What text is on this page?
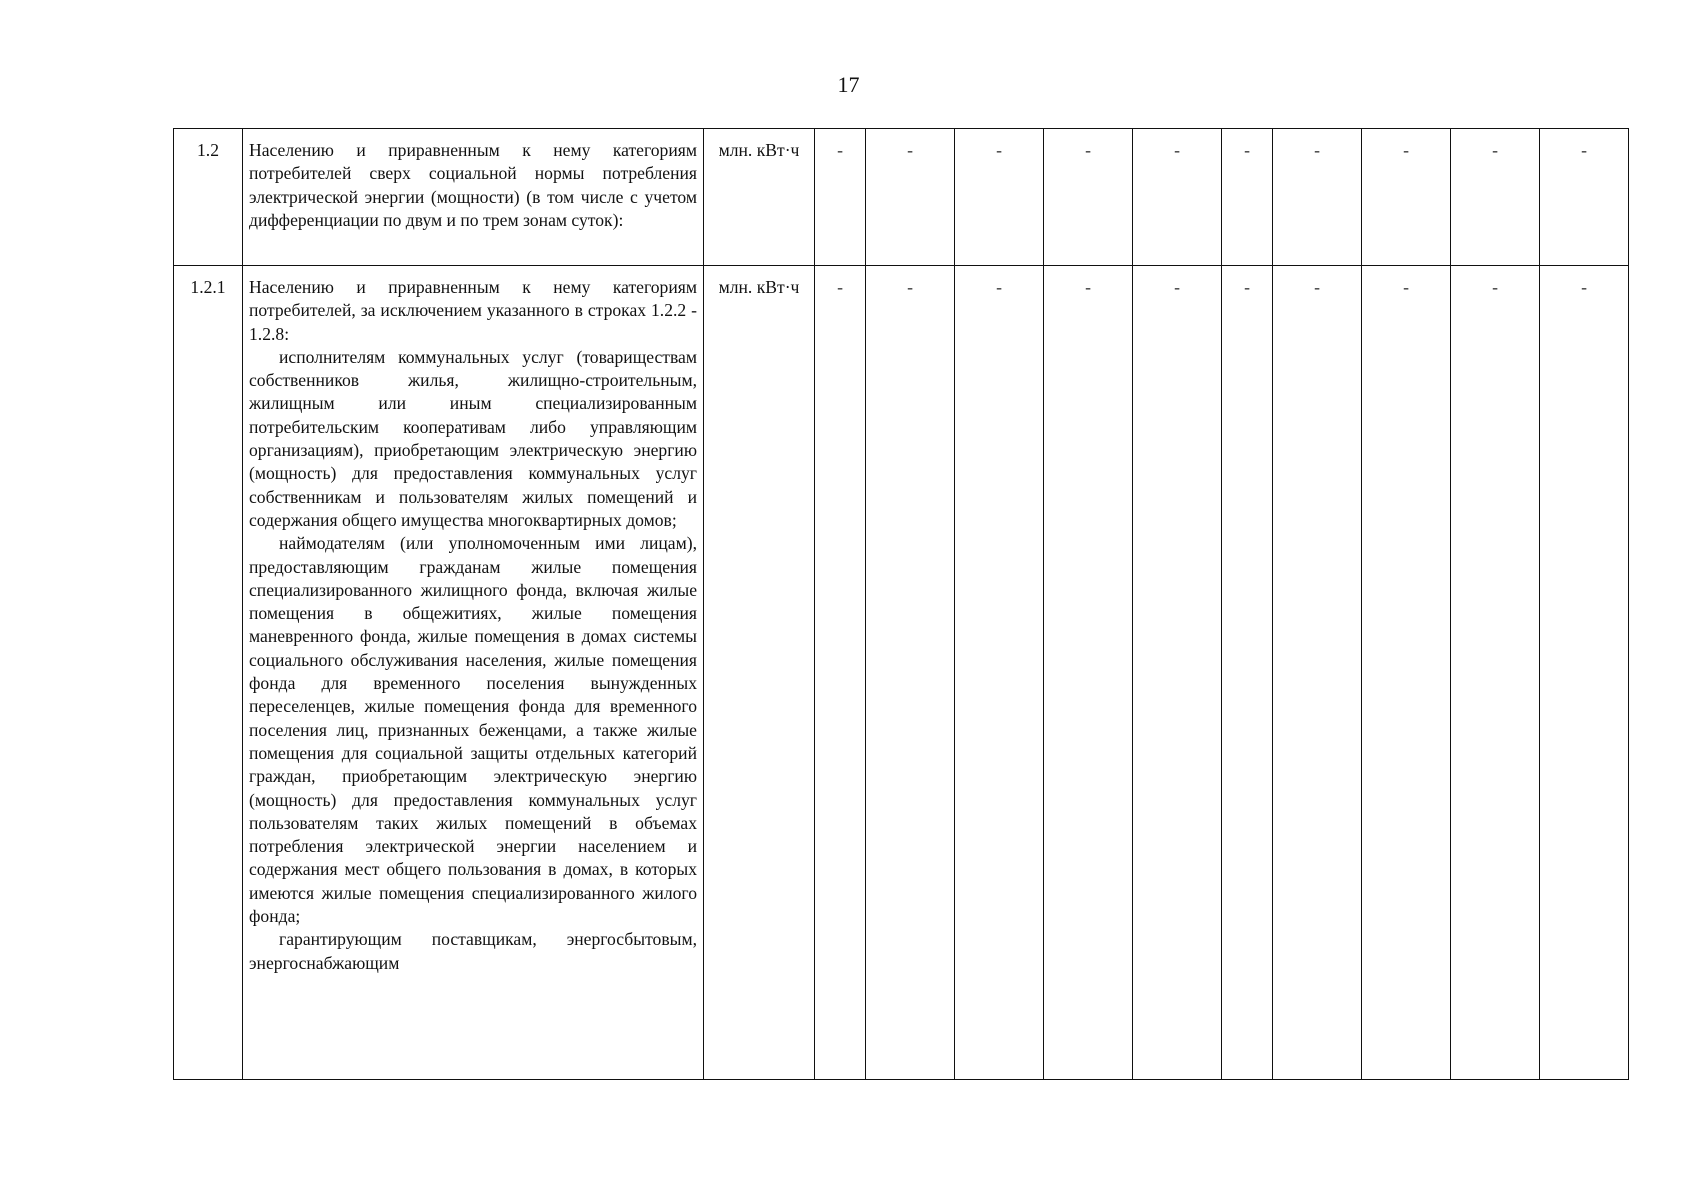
17
1.2	Населению и приравненным к нему категориям потребителей сверх социальной нормы потребления электрической энергии (мощности) (в том числе с учетом дифференциации по двум и по трем зонам суток):	млн. кВт·ч	-	-	-	-	-	-	-	-	-	-
1.2.1	Населению и приравненным к нему категориям потребителей, за исключением указанного в строках 1.2.2 - 1.2.8:
исполнителям коммунальных услуг (товариществам собственников жилья, жилищно-строительным, жилищным или иным специализированным потребительским кооперативам либо управляющим организациям), приобретающим электрическую энергию (мощность) для предоставления коммунальных услуг собственникам и пользователям жилых помещений и содержания общего имущества многоквартирных домов;
наймодателям (или уполномоченным ими лицам), предоставляющим гражданам жилые помещения специализированного жилищного фонда, включая жилые помещения в общежитиях, жилые помещения маневренного фонда, жилые помещения в домах системы социального обслуживания населения, жилые помещения фонда для временного поселения вынужденных переселенцев, жилые помещения фонда для временного поселения лиц, признанных беженцами, а также жилые помещения для социальной защиты отдельных категорий граждан, приобретающим электрическую энергию (мощность) для предоставления коммунальных услуг пользователям таких жилых помещений в объемах потребления электрической энергии населением и содержания мест общего пользования в домах, в которых имеются жилые помещения специализированного жилого фонда;
гарантирующим поставщикам, энергосбытовым, энергоснабжающим	млн. кВт·ч	-	-	-	-	-	-	-	-	-	-
